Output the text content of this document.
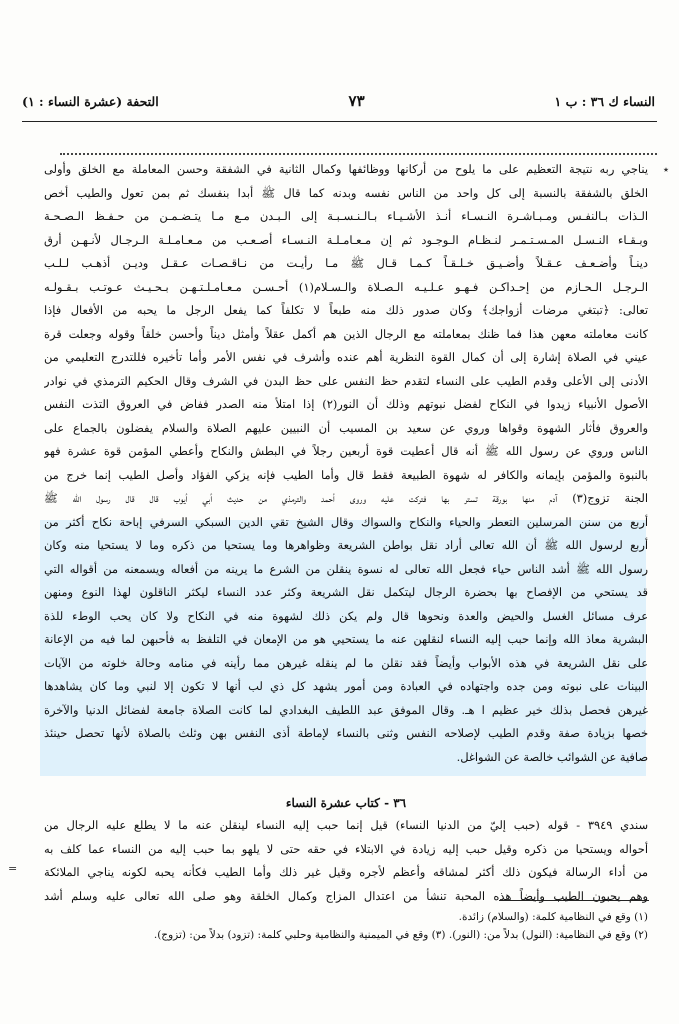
النساء ك ٣٦ : ب ١
٧٣
التحفة (عشرة النساء : ١)
٭
يناجي ربه نتيجة التعظيم على ما يلوح من أركانها ووظائفها وكمال الثانية في الشفقة وحسن المعاملة مع الخلق وأولى
الخلق بالشفقة بالنسبة إلى كل واحد من الناس نفسه وبدنه كما قال ﷺ أبدا بنفسك ثم بمن تعول والطيب أخص
الـذات بـالنفـس ومـبـاشـرة النـسـاء أنـذ الأشـيـاء بـالـنـسـبـة إلى الـبـدن مـع مـا يتـضـمـن من حـفـظ الـصـحـة
وبـقـاء النـسـل المـسـتـمـر لنـظـام الـوجـود ثم إن مـعـامـلـة النـسـاء أصـعـب من مـعـامـلـة الـرجـال لأنـهـن أرق
دينـاً وأضـعـف عـقـلاً وأضـيـق خـلـقـاً كـمـا قـال ﷺ مـا رأيـت من نـاقـصـات عـقـل وديـن أذهـب لـلـب
الـرجـل الـحـازم من إحـداكـن فـهـو عـلـيـه الـصـلاة والـسـلام(١) أحـسـن مـعـامـلـتـهـن بـحـيـث عـوتـب بـقـولـه
تعالى: ﴿تبتغي مرضات أزواجك﴾ وكان صدور ذلك منه طبعاً لا تكلفاً كما يفعل الرجل ما يحبه من الأفعال فإذا
كانت معاملته معهن هذا فما ظنك بمعاملته مع الرجال الذين هم أكمل عقلاً وأمثل ديناً وأحسن خلقاً وقوله وجعلت قرة
عيني في الصلاة إشارة إلى أن كمال القوة النظرية أهم عنده وأشرف في نفس الأمر وأما تأخيره فللتدرج التعليمي من
الأدنى إلى الأعلى وقدم الطيب على النساء لتقدم حظ النفس على حظ البدن في الشرف وقال الحكيم الترمذي في نوادر
الأصول الأنبياء زيدوا في النكاح لفضل نبوتهم وذلك أن النور(٢) إذا امتلأ منه الصدر ففاض في العروق التذت النفس
والعروق فأثار الشهوة وقواها وروي عن سعيد بن المسيب أن النبيين عليهم الصلاة والسلام يفضلون بالجماع على
الناس وروي عن رسول الله ﷺ أنه قال أعطيت قوة أربعين رجلاً في البطش والنكاح وأعطي المؤمن قوة عشرة فهو
بالنبوة والمؤمن بإيمانه والكافر له شهوة الطبيعة فقط قال وأما الطيب فإنه يزكي الفؤاد وأصل الطيب إنما خرج من
الجنة تزوج(٣) آدم منها بورقة تستر بها فتركت عليه وروى أحمد والترمذي من حديث أبي أيوب قال قال رسول الله ﷺ
أربع من سنن المرسلين التعطر والحياء والنكاح والسواك وقال الشيخ تقي الدين السبكي السرفي إباحة نكاح أكثر من
أربع لرسول الله ﷺ أن الله تعالى أراد نقل بواطن الشريعة وظواهرها وما يستحيا من ذكره وما لا يستحيا منه وكان
رسول الله ﷺ أشد الناس حياء فجعل الله تعالى له نسوة ينقلن من الشرع ما يرينه من أفعاله ويسمعنه من أقواله التي
قد يستحي من الإفصاح بها بحضرة الرجال ليتكمل نقل الشريعة وكثر عدد النساء ليكثر الناقلون لهذا النوع ومنهن
عرف مسائل الغسل والحيض والعدة ونحوها قال ولم يكن ذلك لشهوة منه في النكاح ولا كان يحب الوطء للذة
البشرية معاذ الله وإنما حبب إليه النساء لنقلهن عنه ما يستحيي هو من الإمعان في التلفظ به فأحبهن لما فيه من الإعانة
على نقل الشريعة في هذه الأبواب وأيضاً فقد نقلن ما لم ينقله غيرهن مما رأينه في منامه وحالة خلوته من الآيات
البينات على نبوته ومن جده واجتهاده في العبادة ومن أمور يشهد كل ذي لب أنها لا تكون إلا لنبي وما كان يشاهدها
غيرهن فحصل بذلك خير عظيم ا هـ. وقال الموفق عبد اللطيف البغدادي لما كانت الصلاة جامعة لفضائل الدنيا والآخرة
خصها بزيادة صفة وقدم الطيب لإصلاحه النفس وثنى بالنساء لإماطة أذى النفس بهن وثلث بالصلاة لأنها تحصل حينئذ
صافية عن الشوائب خالصة عن الشواغل.
٣٦ - كتاب عشرة النساء
سندي ٣٩٤٩ - قوله (حبب إليّ من الدنيا النساء) قيل إنما حبب إليه النساء لينقلن عنه ما لا يطلع عليه الرجال من
أحواله ويستحيا من ذكره وقيل حبب إليه زيادة في الابتلاء في حقه حتى لا يلهو بما حبب إليه من النساء عما كلف به
من أداء الرسالة فيكون ذلك أكثر لمشاقه وأعظم لأجره وقيل غير ذلك وأما الطيب فكأنه يحبه لكونه يناجي الملائكة
وهم يحبون الطيب وأيضاً هذه المحبة تنشأ من اعتدال المزاج وكمال الخلقة وهو صلى الله تعالى عليه وسلم أشد
=
(١) وقع في النظامية كلمة: (والسلام) زائدة.
(٢) وقع في النظامية: (النول) بدلاً من: (النور). (٣) وقع في الميمنية والنظامية وحلبي كلمة: (تزود) بدلاً من: (تزوج).
